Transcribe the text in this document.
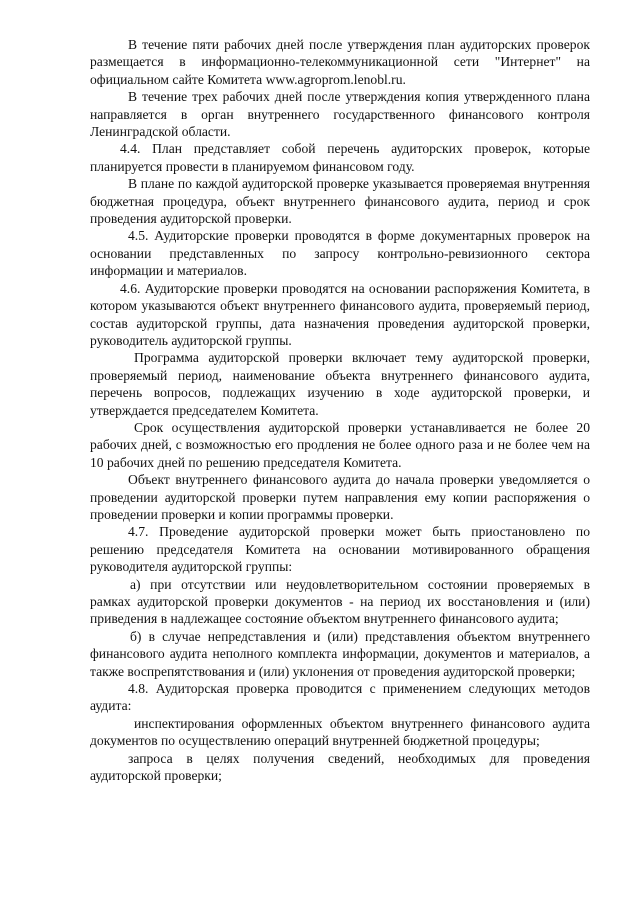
В течение пяти рабочих дней после утверждения план аудиторских проверок размещается в информационно-телекоммуникационной сети "Интернет" на официальном сайте Комитета www.agroprom.lenobl.ru.

В течение трех рабочих дней после утверждения копия утвержденного плана направляется в орган внутреннего государственного финансового контроля Ленинградской области.

4.4. План представляет собой перечень аудиторских проверок, которые планируется провести в планируемом финансовом году.

В плане по каждой аудиторской проверке указывается проверяемая внутренняя бюджетная процедура, объект внутреннего финансового аудита, период и срок проведения аудиторской проверки.

4.5. Аудиторские проверки проводятся в форме документарных проверок на основании представленных по запросу контрольно-ревизионного сектора информации и материалов.

4.6. Аудиторские проверки проводятся на основании распоряжения Комитета, в котором указываются объект внутреннего финансового аудита, проверяемый период, состав аудиторской группы, дата назначения проведения аудиторской проверки, руководитель аудиторской группы.

Программа аудиторской проверки включает тему аудиторской проверки, проверяемый период, наименование объекта внутреннего финансового аудита, перечень вопросов, подлежащих изучению в ходе аудиторской проверки, и утверждается председателем Комитета.

Срок осуществления аудиторской проверки устанавливается не более 20 рабочих дней, с возможностью его продления не более одного раза и не более чем на 10 рабочих дней по решению председателя Комитета.

Объект внутреннего финансового аудита до начала проверки уведомляется о проведении аудиторской проверки путем направления ему копии распоряжения о проведении проверки и копии программы проверки.

4.7. Проведение аудиторской проверки может быть приостановлено по решению председателя Комитета на основании мотивированного обращения руководителя аудиторской группы:

а) при отсутствии или неудовлетворительном состоянии проверяемых в рамках аудиторской проверки документов - на период их восстановления и (или) приведения в надлежащее состояние объектом внутреннего финансового аудита;

б) в случае непредставления и (или) представления объектом внутреннего финансового аудита неполного комплекта информации, документов и материалов, а также воспрепятствования и (или) уклонения от проведения аудиторской проверки;

4.8. Аудиторская проверка проводится с применением следующих методов аудита:

инспектирования оформленных объектом внутреннего финансового аудита документов по осуществлению операций внутренней бюджетной процедуры;

запроса в целях получения сведений, необходимых для проведения аудиторской проверки;
